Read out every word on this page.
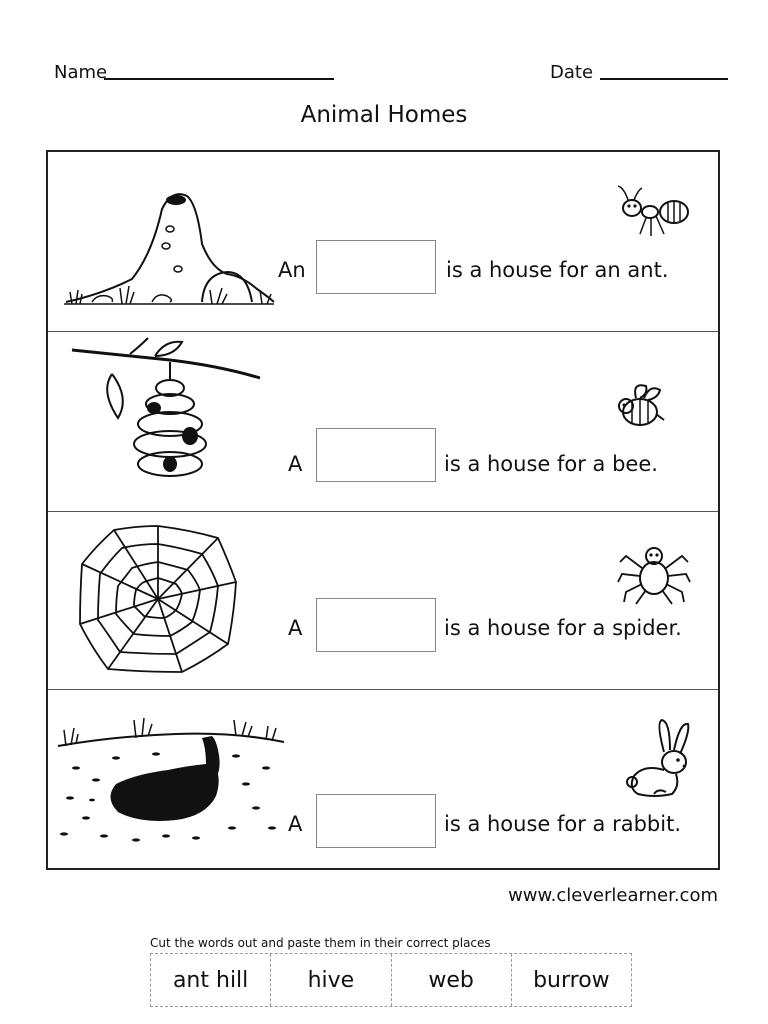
Name	Date
Animal Homes
An	is a house for an ant.
A	is a house for a bee.
A	is a house for a spider.
A	is a house for a rabbit.
www.cleverlearner.com
Cut the words out and paste them in their correct places
ant hill	hive	web	burrow
